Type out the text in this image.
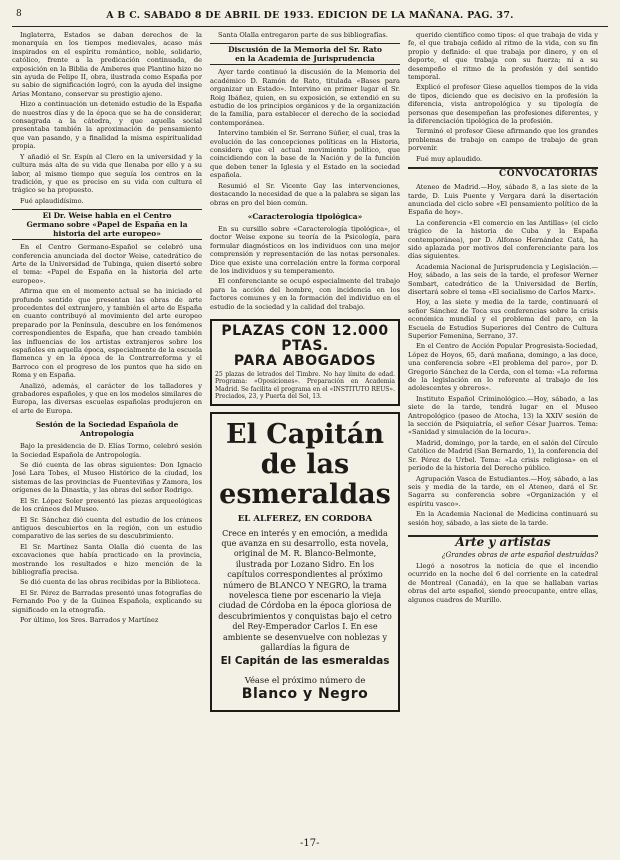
8	A B C. SABADO 8 DE ABRIL DE 1933. EDICION DE LA MAÑANA. PAG. 37.

Inglaterra, Estados se daban derechos de la monarquía en los tiempos medievales, acaso más inspirados en el espíritu romántico, noble, solidario, católico, frente a la predicación continuada, de exposición en la Biblia de Amberes que Plantino hizo no sin ayuda de Felipe II, obra, ilustrada como España por su sabio de significación logró, con la ayuda del insigne Arias Montano, conservar su prestigio ajeno.

Hizo a continuación un detenido estudio de la España de nuestros días y de la época que se ha de considerar, consagrada a la cátedra, y que aquella social presentaba también la aproximación de pensamiento que van pasando, y a finalidad la misma espiritualidad propia.

Y añadió el Sr. Espín al Clero en la universidad y la cultura más alta de su vida que llenaba por ello y a su labor, al mismo tiempo que seguía los centros en la tradición, y que es preciso en su vida con cultura el trágico se ha propuesto.

Fué aplaudidísimo.

El Dr. Weise habla en el Centro
Germano sobre «Papel de España en la historia del arte europeo»

En el Centro Germano-Español se celebró una conferencia anunciada del doctor Weise, catedrático de Arte de la Universidad de Tubinga, quien disertó sobre el tema: «Papel de España en la historia del arte europeo».

Afirma que en el momento actual se ha iniciado el profundo sentido que presentan las obras de arte procedentes del extranjero, y también el arte de España en cuanto contribuyó al movimiento del arte europeo preparado por la Península, descubre en los fenómenos correspondientes de España, que han creado también las influencias de los artistas extranjeros sobre los españoles en aquella época, especialmente de la escuela flamenca y en la época de la Contrarreforma y el Barroco con el progreso de los puntos que ha sido en Roma y en España.

Analizó, además, el carácter de los talladores y grabadores españoles, y que en los modelos similares de Europa, las diversas escuelas españolas produjeron en el arte de Europa.

Sesión de la Sociedad Española de
Antropología

Bajo la presidencia de D. Elías Tormo, celebró sesión la Sociedad Española de Antropología.

Se dió cuenta de las obras siguientes: Don Ignacio José Lara Tobes, el Museo Histórico de la ciudad, los sistemas de las provincias de Fuenteviñas y Zamora, los orígenes de la Dinastía, y las obras del señor Rodrigo.

El Sr. López Soler presentó las piezas arqueológicas de los cráneos del Museo.

El Sr. Sánchez dió cuenta del estudio de los cráneos antiguos descubiertos en la región, con un estudio comparativo de las series de su descubrimiento.

El Sr. Martínez Santa Olalla dió cuenta de las excavaciones que había practicado en la provincia, mostrando los resultados e hizo mención de la bibliografía precisa.

Se dió cuenta de las obras recibidas por la Biblioteca.

El Sr. Pérez de Barradas presentó unas fotografías de Fernando Poo y de la Guinea Española, explicando su significado en la etnografía.

Por último, los Sres. Barrados y Martínez

Santa Olalla entregaron parte de sus bibliografías.

Discusión de la Memoria del Sr. Rato
en la Academia de Jurisprudencia

Ayer tarde continuó la discusión de la Memoria del académico D. Ramón de Rato, titulada «Bases para organizar un Estado». Intervino en primer lugar el Sr. Roig Ibáñez, quien, en su exposición, se extendió en su estudio de los principios orgánicos y de la organización de la familia, para establecer el derecho de la sociedad contemporánea.

Intervino también el Sr. Serrano Súñer, el cual, tras la evolución de las concepciones políticas en la Historia, considera que el actual movimiento político, que coincidiendo con la base de la Nación y de la función que deben tener la Iglesia y el Estado en la sociedad española.

Resumió el Sr. Vicente Gay las intervenciones, destacando la necesidad de que a la palabra se sigan las obras en pro del bien común.

«Caracterología tipológica»

En su cursillo sobre «Caracterología tipológica», el doctor Weise expone su teoría de la Psicología, para formular diagnósticos en los individuos con una mejor comprensión y representación de las notas personales. Dice que existe una correlación entre la forma corporal de los individuos y su temperamento.

El conferenciante se ocupó especialmente del trabajo para la acción del hombre, con incidencia en los factores comunes y en la formación del individuo en el estudio de la sociedad y la calidad del trabajo.

PLAZAS CON 12.000 PTAS.
PARA ABOGADOS
25 plazas de letrados del Timbre. No hay límite de edad. Programa: «Oposiciones». Preparación en Academia Madrid. Se facilita el programa en el «INSTITUTO REUS». Preciados, 23, y Puerta del Sol, 13.
El Capitán
de las esmeraldas
EL ALFEREZ, EN CORDOBA
Crece en interés y en emoción, a medida que avanza en su desarrollo, esta novela, original de M. R. Blanco-Belmonte, ilustrada por Lozano Sidro. En los capítulos correspondientes al próximo número de BLANCO Y NEGRO, la trama novelesca tiene por escenario la vieja ciudad de Córdoba en la época gloriosa de descubrimientos y conquistas bajo el cetro del Rey-Emperador Carlos I. En ese ambiente se desenvuelve con noblezas y gallardías la figura de
El Capitán de las esmeraldas
Véase el próximo número de
Blanco y Negro

querido científico como tipos: el que trabaja de vida y fe, el que trabaja ceñido al ritmo de la vida, con su fin propio y definido: el que trabaja por dinero, y en el deporte, el que trabaja con su fuerza; ni a su desempeño el ritmo de la profesión y del sentido temporal.

Explicó el profesor Giese aquellos tiempos de la vida de tipos, diciendo que es decisivo en la profesión la diferencia, vista antropológica y su tipología de personas que desempeñan las profesiones diferentes, y la diferenciación tipológica de la profesión.

Terminó el profesor Giese afirmando que los grandes problemas de trabajo en campo de trabajo de gran porvenir.

Fué muy aplaudido.

CONVOCATORIAS

Ateneo de Madrid.—Hoy, sábado 8, a las siete de la tarde, D. Luis Puente y Vergara dará la disertación anunciada del ciclo sobre «El pensamiento político de la España de hoy».

La conferencia «El comercio en las Antillas» (el ciclo trágico de la historia de Cuba y la España contemporánea), por D. Alfonso Hernández Catá, ha sido aplazada por motivos del conferenciante para los días siguientes.

Academia Nacional de Jurisprudencia y Legislación.—Hoy, sábado, a las seis de la tarde, el profesor Werner Sombart, catedrático de la Universidad de Berlín, disertará sobre el tema «El socialismo de Carlos Marx».

Hoy, a las siete y media de la tarde, continuará el señor Sánchez de Toca sus conferencias sobre la crisis económica mundial y el problema del paro, en la Escuela de Estudios Superiores del Centro de Cultura Superior Femenina, Serrano, 37.

En el Centro de Acción Popular Progresista-Sociedad, López de Hoyos, 65, dará mañana, domingo, a las doce, una conferencia sobre «El problema del paro», por D. Gregorio Sánchez de la Cerda, con el tema: «La reforma de la legislación en lo referente al trabajo de los adolescentes y obreros».

Instituto Español Criminológico.—Hoy, sábado, a las siete de la tarde, tendrá lugar en el Museo Antropológico (paseo de Atocha, 13) la XXIV sesión de la sección de Psiquiatría, el señor César Juarros. Tema: «Sanidad y simulación de la locura».

Madrid, domingo, por la tarde, en el salón del Círculo Católico de Madrid (San Bernardo, 1), la conferencia del Sr. Pérez de Urbel. Tema: «La crisis religiosa» en el periodo de la historia del Derecho público.

Agrupación Vasca de Estudiantes.—Hoy, sábado, a las seis y media de la tarde, en el Ateneo, dará el Sr. Sagarra su conferencia sobre «Organización y el espíritu vasco».

En la Academia Nacional de Medicina continuará su sesión hoy, sábado, a las siete de la tarde.

Arte y artistas
¿Grandes obras de arte español destruídas?

Llegó a nosotros la noticia de que el incendio ocurrido en la noche del 6 del corriente en la catedral de Montreal (Canadá), en la que se hallaban varias obras del arte español, siendo preocupante, entre ellas, algunos cuadros de Murillo.

-17-
